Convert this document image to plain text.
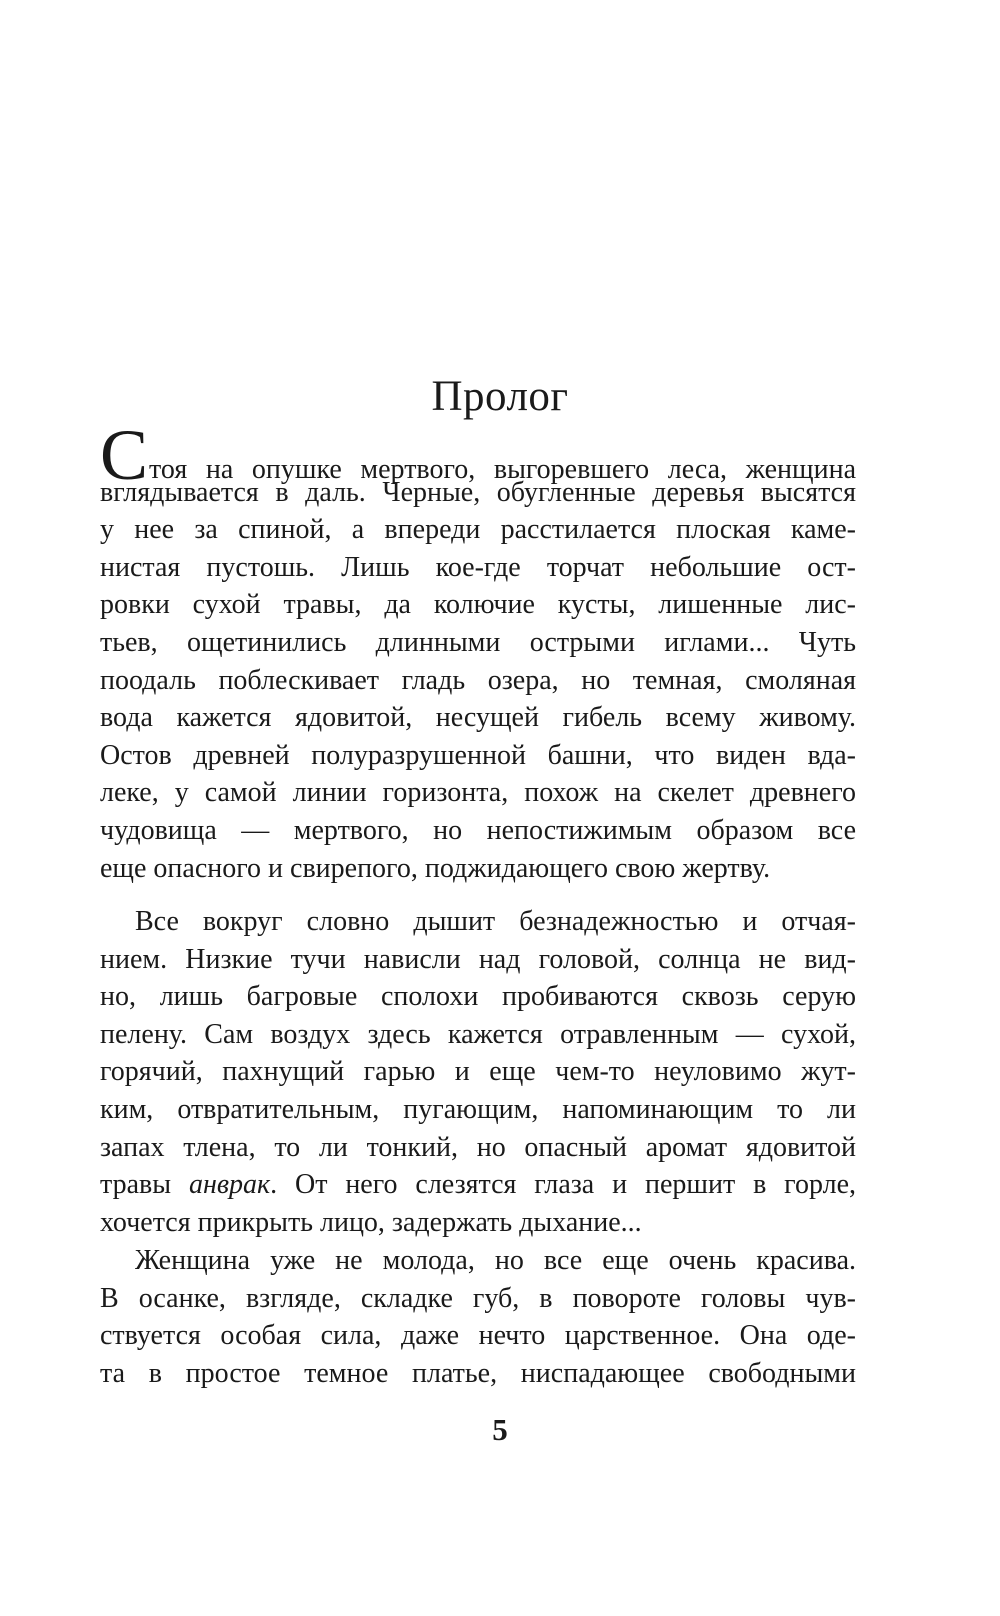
Пролог
Стоя на опушке мертвого, выгоревшего леса, женщина
вглядывается в даль. Черные, обугленные деревья высятся
у нее за спиной, а впереди расстилается плоская каме-
нистая пустошь. Лишь кое-где торчат небольшие ост-
ровки сухой травы, да колючие кусты, лишенные лис-
тьев, ощетинились длинными острыми иглами... Чуть
поодаль поблескивает гладь озера, но темная, смоляная
вода кажется ядовитой, несущей гибель всему живому.
Остов древней полуразрушенной башни, что виден вда-
леке, у самой линии горизонта, похож на скелет древнего
чудовища — мертвого, но непостижимым образом все
еще опасного и свирепого, поджидающего свою жертву.
Все вокруг словно дышит безнадежностью и отчая-
нием. Низкие тучи нависли над головой, солнца не вид-
но, лишь багровые сполохи пробиваются сквозь серую
пелену. Сам воздух здесь кажется отравленным — сухой,
горячий, пахнущий гарью и еще чем-то неуловимо жут-
ким, отвратительным, пугающим, напоминающим то ли
запах тлена, то ли тонкий, но опасный аромат ядовитой
травы анврак. От него слезятся глаза и першит в горле,
хочется прикрыть лицо, задержать дыхание...
Женщина уже не молода, но все еще очень красива.
В осанке, взгляде, складке губ, в повороте головы чув-
ствуется особая сила, даже нечто царственное. Она оде-
та в простое темное платье, ниспадающее свободными
5
